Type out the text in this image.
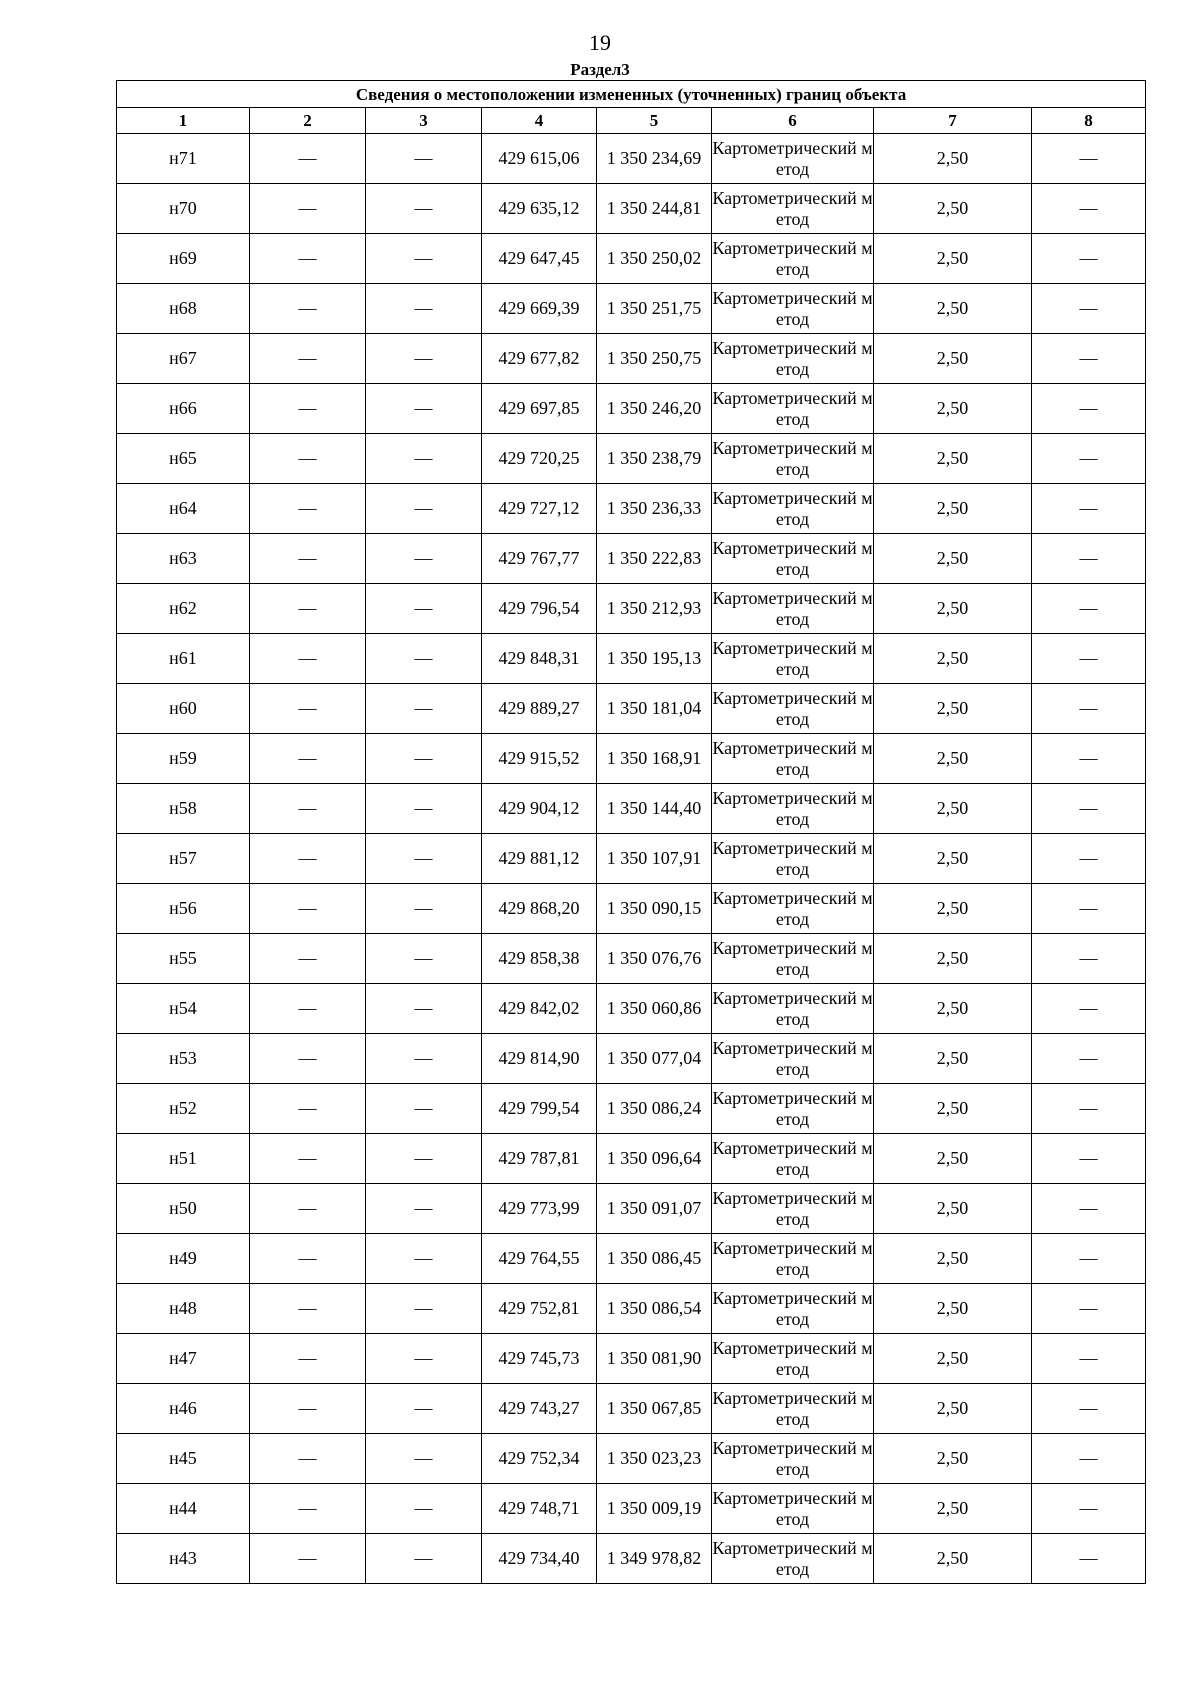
19
Раздел3
Сведения о местоположении измененных (уточненных) границ объекта							
1	2	3	4	5	6	7	8
н71	—	—	429 615,06	1 350 234,69	Картометрический метод	2,50	—
н70	—	—	429 635,12	1 350 244,81	Картометрический метод	2,50	—
н69	—	—	429 647,45	1 350 250,02	Картометрический метод	2,50	—
н68	—	—	429 669,39	1 350 251,75	Картометрический метод	2,50	—
н67	—	—	429 677,82	1 350 250,75	Картометрический метод	2,50	—
н66	—	—	429 697,85	1 350 246,20	Картометрический метод	2,50	—
н65	—	—	429 720,25	1 350 238,79	Картометрический метод	2,50	—
н64	—	—	429 727,12	1 350 236,33	Картометрический метод	2,50	—
н63	—	—	429 767,77	1 350 222,83	Картометрический метод	2,50	—
н62	—	—	429 796,54	1 350 212,93	Картометрический метод	2,50	—
н61	—	—	429 848,31	1 350 195,13	Картометрический метод	2,50	—
н60	—	—	429 889,27	1 350 181,04	Картометрический метод	2,50	—
н59	—	—	429 915,52	1 350 168,91	Картометрический метод	2,50	—
н58	—	—	429 904,12	1 350 144,40	Картометрический метод	2,50	—
н57	—	—	429 881,12	1 350 107,91	Картометрический метод	2,50	—
н56	—	—	429 868,20	1 350 090,15	Картометрический метод	2,50	—
н55	—	—	429 858,38	1 350 076,76	Картометрический метод	2,50	—
н54	—	—	429 842,02	1 350 060,86	Картометрический метод	2,50	—
н53	—	—	429 814,90	1 350 077,04	Картометрический метод	2,50	—
н52	—	—	429 799,54	1 350 086,24	Картометрический метод	2,50	—
н51	—	—	429 787,81	1 350 096,64	Картометрический метод	2,50	—
н50	—	—	429 773,99	1 350 091,07	Картометрический метод	2,50	—
н49	—	—	429 764,55	1 350 086,45	Картометрический метод	2,50	—
н48	—	—	429 752,81	1 350 086,54	Картометрический метод	2,50	—
н47	—	—	429 745,73	1 350 081,90	Картометрический метод	2,50	—
н46	—	—	429 743,27	1 350 067,85	Картометрический метод	2,50	—
н45	—	—	429 752,34	1 350 023,23	Картометрический метод	2,50	—
н44	—	—	429 748,71	1 350 009,19	Картометрический метод	2,50	—
н43	—	—	429 734,40	1 349 978,82	Картометрический метод	2,50	—
